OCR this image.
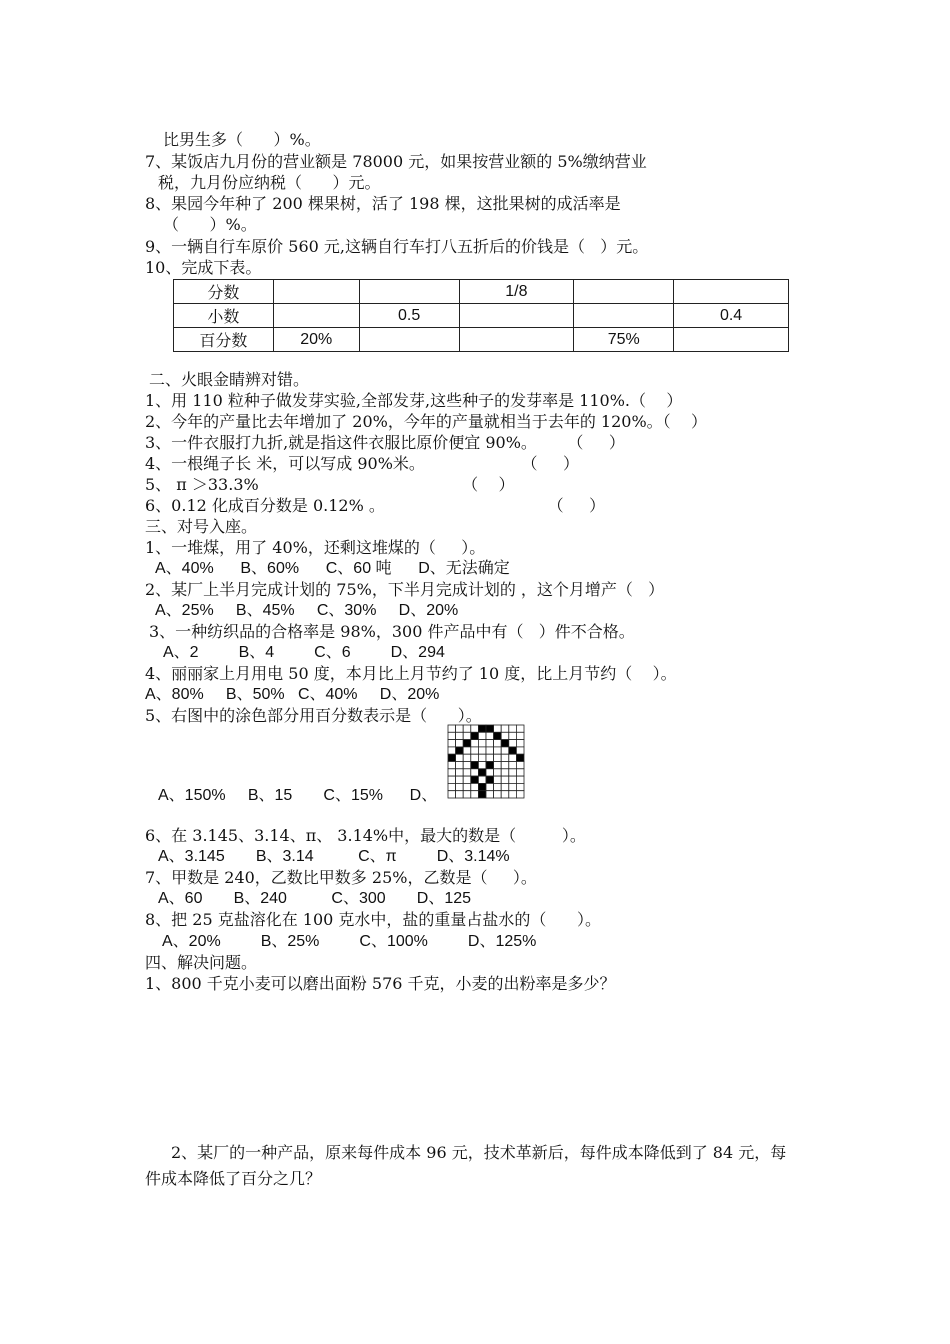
比男生多（      ）%。
7、某饭店九月份的营业额是 78000 元，如果按营业额的 5%缴纳营业
税，九月份应纳税（      ）元。
8、果园今年种了 200 棵果树，活了 198 棵，这批果树的成活率是
（      ）%。
9、一辆自行车原价 560 元,这辆自行车打八五折后的价钱是（   ）元。
10、完成下表。
分数			1/8		
小数		0.5			0.4
百分数	20%			75%	
二、火眼金睛辨对错。
1、用 110 粒种子做发芽实验,全部发芽,这些种子的发芽率是 110%.（    ）
2、今年的产量比去年增加了 20%，今年的产量就相当于去年的 120%。（    ）
3、一件衣服打九折,就是指这件衣服比原价便宜 90%。      （     ）
4、一根绳子长 米，可以写成 90%米。                   （     ）
5、 π ＞33.3%                                        （    ）
6、0.12 化成百分数是 0.12% 。                                （     ）
三、对号入座。
1、一堆煤，用了 40%，还剩这堆煤的（     ）。
A、40%      B、60%      C、60 吨      D、无法确定
2、某厂上半月完成计划的 75%，下半月完成计划的 ，这个月增产（   ）
A、25%     B、45%     C、30%     D、20%
3、一种纺织品的合格率是 98%，300 件产品中有（   ）件不合格。
A、2         B、4         C、6         D、294
4、丽丽家上月用电 50 度，本月比上月节约了 10 度，比上月节约（    ）。
A、80%     B、50%   C、40%     D、20%
5、右图中的涂色部分用百分数表示是（      ）。
A、150%     B、15       C、15%      D、
6、在 3.145、3.14、π、 3.14%中，最大的数是（         ）。
A、3.145       B、3.14          C、π         D、3.14%
7、甲数是 240，乙数比甲数多 25%，乙数是（     ）。
A、60       B、240          C、300       D、125
8、把 25 克盐溶化在 100 克水中，盐的重量占盐水的（      ）。
A、20%         B、25%         C、100%         D、125%
四、解决问题。
1、800 千克小麦可以磨出面粉 576 千克，小麦的出粉率是多少？
2、某厂的一种产品，原来每件成本 96 元，技术革新后，每件成本降低到了 84 元，每
件成本降低了百分之几？
